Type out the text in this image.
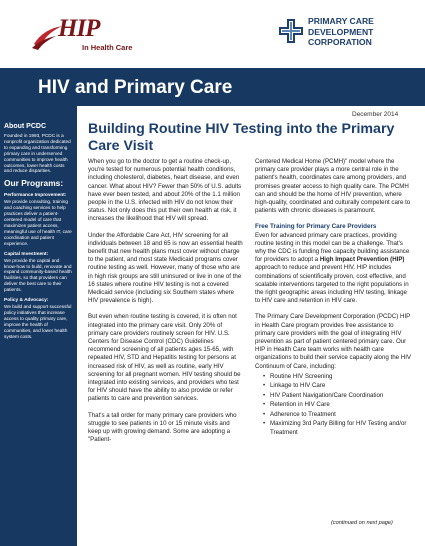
HIP
In Health Care
PRIMARY CARE
DEVELOPMENT
CORPORATION
HIV and Primary Care
December 2014
About PCDC
Founded in 1993, PCDC is a nonprofit organization dedicated to expanding and transforming primary care in underserved communities to improve health outcomes, lower health costs and reduce disparities.
Our Programs:
Performance Improvement:
We provide consulting, training and coaching services to help practices deliver a patient-centered model of care that maximizes patient access, meaningful use of health IT, care coordination and patient experience.
Capital Investment:
We provide the capital and know-how to build, renovate and expand community-based health facilities, so that providers can deliver the best care to their patients.
Policy & Advocacy:
We build and support successful policy initiatives that increase access to quality primary care, improve the health of communities, and lower health system costs.
Building Routine HIV Testing into the Primary Care Visit

When you go to the doctor to get a routine check-up, you're tested for numerous potential health conditions, including cholesterol, diabetes, heart disease, and even cancer. What about HIV? Fewer than 50% of U.S. adults have ever been tested, and about 20% of the 1.1 million people in the U.S. infected with HIV do not know their status. Not only does this put their own health at risk, it increases the likelihood that HIV will spread.

Under the Affordable Care Act, HIV screening for all individuals between 18 and 65 is now an essential health benefit that new health plans must cover without charge to the patient, and most state Medicaid programs cover routine testing as well. However, many of those who are in high risk groups are still uninsured or live in one of the 16 states where routine HIV testing is not a covered Medicaid service (including six Southern states where HIV prevalence is high).

But even when routine testing is covered, it is often not integrated into the primary care visit. Only 20% of primary care providers routinely screen for HIV. U.S. Centers for Disease Control (CDC) Guidelines recommend screening of all patients ages 15-65, with repeated HIV, STD and Hepatitis testing for persons at increased risk of HIV, as well as routine, early HIV screening for all pregnant women. HIV testing should be integrated into existing services, and providers who test for HIV should have the ability to also provide or refer patients to care and prevention services.

That's a tall order for many primary care providers who struggle to see patients in 10 or 15 minute visits and keep up with growing demand. Some are adopting a "Patient-

Centered Medical Home (PCMH)" model where the primary care provider plays a more central role in the patient's health, coordinates care among providers, and promises greater access to high quality care. The PCMH can and should be the home of HIV prevention, where high-quality, coordinated and culturally competent care to patients with chronic diseases is paramount.

Free Training for Primary Care Providers

Even for advanced primary care practices, providing routine testing in this model can be a challenge. That's why the CDC is funding free capacity building assistance for providers to adopt a High Impact Prevention (HIP) approach to reduce and prevent HIV. HIP includes combinations of scientifically proven, cost effective, and scalable interventions targeted to the right populations in the right geographic areas including HIV testing, linkage to HIV care and retention in HIV care.

The Primary Care Development Corporation (PCDC) HIP in Health Care program provides free assistance to primary care providers with the goal of integrating HIV prevention as part of patient centered primary care. Our HIP in Health Care team works with health care organizations to build their service capacity along the HIV Continuum of Care, including:

• Routine HIV Screening
• Linkage to HIV Care
• HIV Patient Navigation/Care Coordination
• Retention in HIV Care
• Adherence to Treatment
• Maximizing 3rd Party Billing for HIV Testing and/or Treatment
(continued on next page)
